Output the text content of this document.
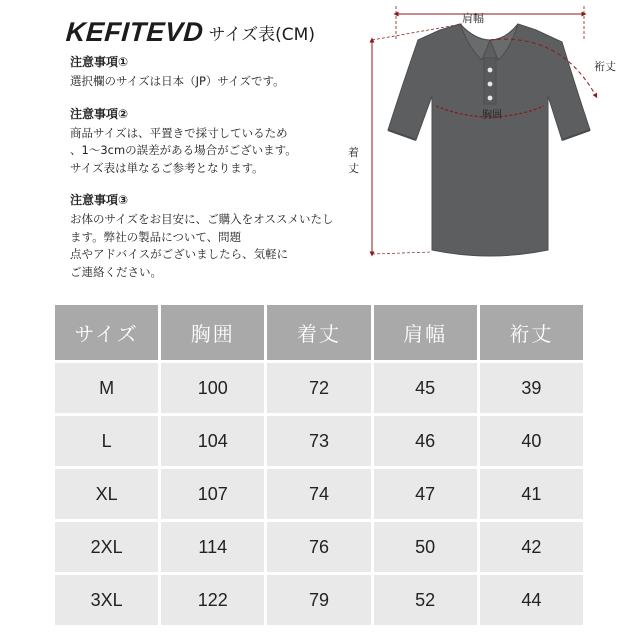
KEFITEVD サイズ表(CM)
注意事項①

選択欄のサイズは日本（JP）サイズです。

注意事項②

商品サイズは、平置きで採寸しているため
、1～3cmの誤差がある場合がございます。
サイズ表は単なるご参考となります。

注意事項③

お体のサイズをお目安に、ご購入をオススメいたします。弊社の製品について、問題
点やアドバイスがございましたら、気軽に
ご連絡ください。

肩幅
裄丈
胸囲
着 丈
サイズ	胸囲	着丈	肩幅	裄丈
M	100	72	45	39
L	104	73	46	40
XL	107	74	47	41
2XL	114	76	50	42
3XL	122	79	52	44
